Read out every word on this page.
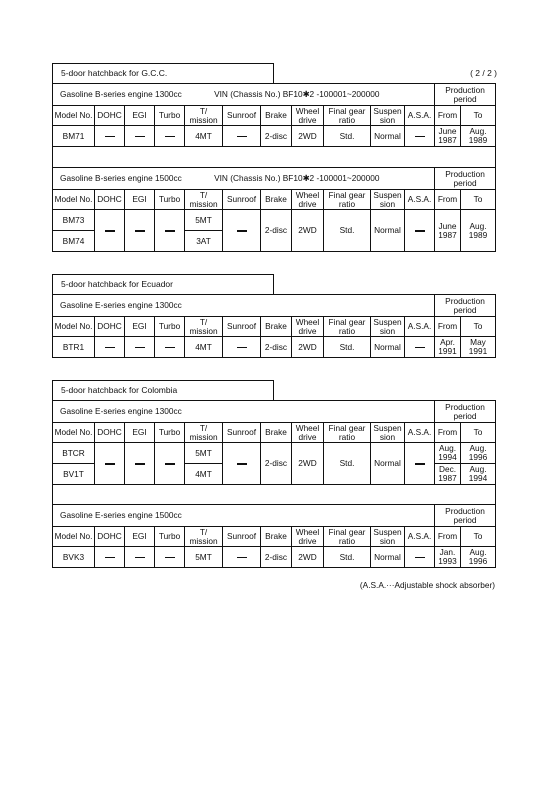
5-door hatchback for G.C.C.	( 2 / 2 )
Gasoline B-series engine 1300cc VIN (Chassis No.) BF10✱2 -100001~200000											Production period	
Model No.	DOHC	EGI	Turbo	T/ mission	Sunroof	Brake	Wheel drive	Final gear ratio	Suspen sion	A.S.A.	From	To
BM71				4MT		2-disc	2WD	Std.	Normal		June 1987	Aug. 1989

Gasoline B-series engine 1500cc VIN (Chassis No.) BF10✱2 -100001~200000											Production period	
Model No.	DOHC	EGI	Turbo	T/ mission	Sunroof	Brake	Wheel drive	Final gear ratio	Suspen sion	A.S.A.	From	To
BM73				5MT		2-disc	2WD	Std.	Normal		June 1987	Aug. 1989
BM74				3AT								
5-door hatchback for Ecuador
Gasoline E-series engine 1300cc											Production period	
Model No.	DOHC	EGI	Turbo	T/ mission	Sunroof	Brake	Wheel drive	Final gear ratio	Suspen sion	A.S.A.	From	To
BTR1				4MT		2-disc	2WD	Std.	Normal		Apr. 1991	May 1991
5-door hatchback for Colombia
Gasoline E-series engine 1300cc											Production period	
Model No.	DOHC	EGI	Turbo	T/ mission	Sunroof	Brake	Wheel drive	Final gear ratio	Suspen sion	A.S.A.	From	To
BTCR				5MT		2-disc	2WD	Std.	Normal		Aug. 1994	Aug. 1996
BV1T				4MT							Dec. 1987	Aug. 1994

Gasoline E-series engine 1500cc											Production period	
Model No.	DOHC	EGI	Turbo	T/ mission	Sunroof	Brake	Wheel drive	Final gear ratio	Suspen sion	A.S.A.	From	To
BVK3				5MT		2-disc	2WD	Std.	Normal		Jan. 1993	Aug. 1996
(A.S.A.···Adjustable shock absorber)
